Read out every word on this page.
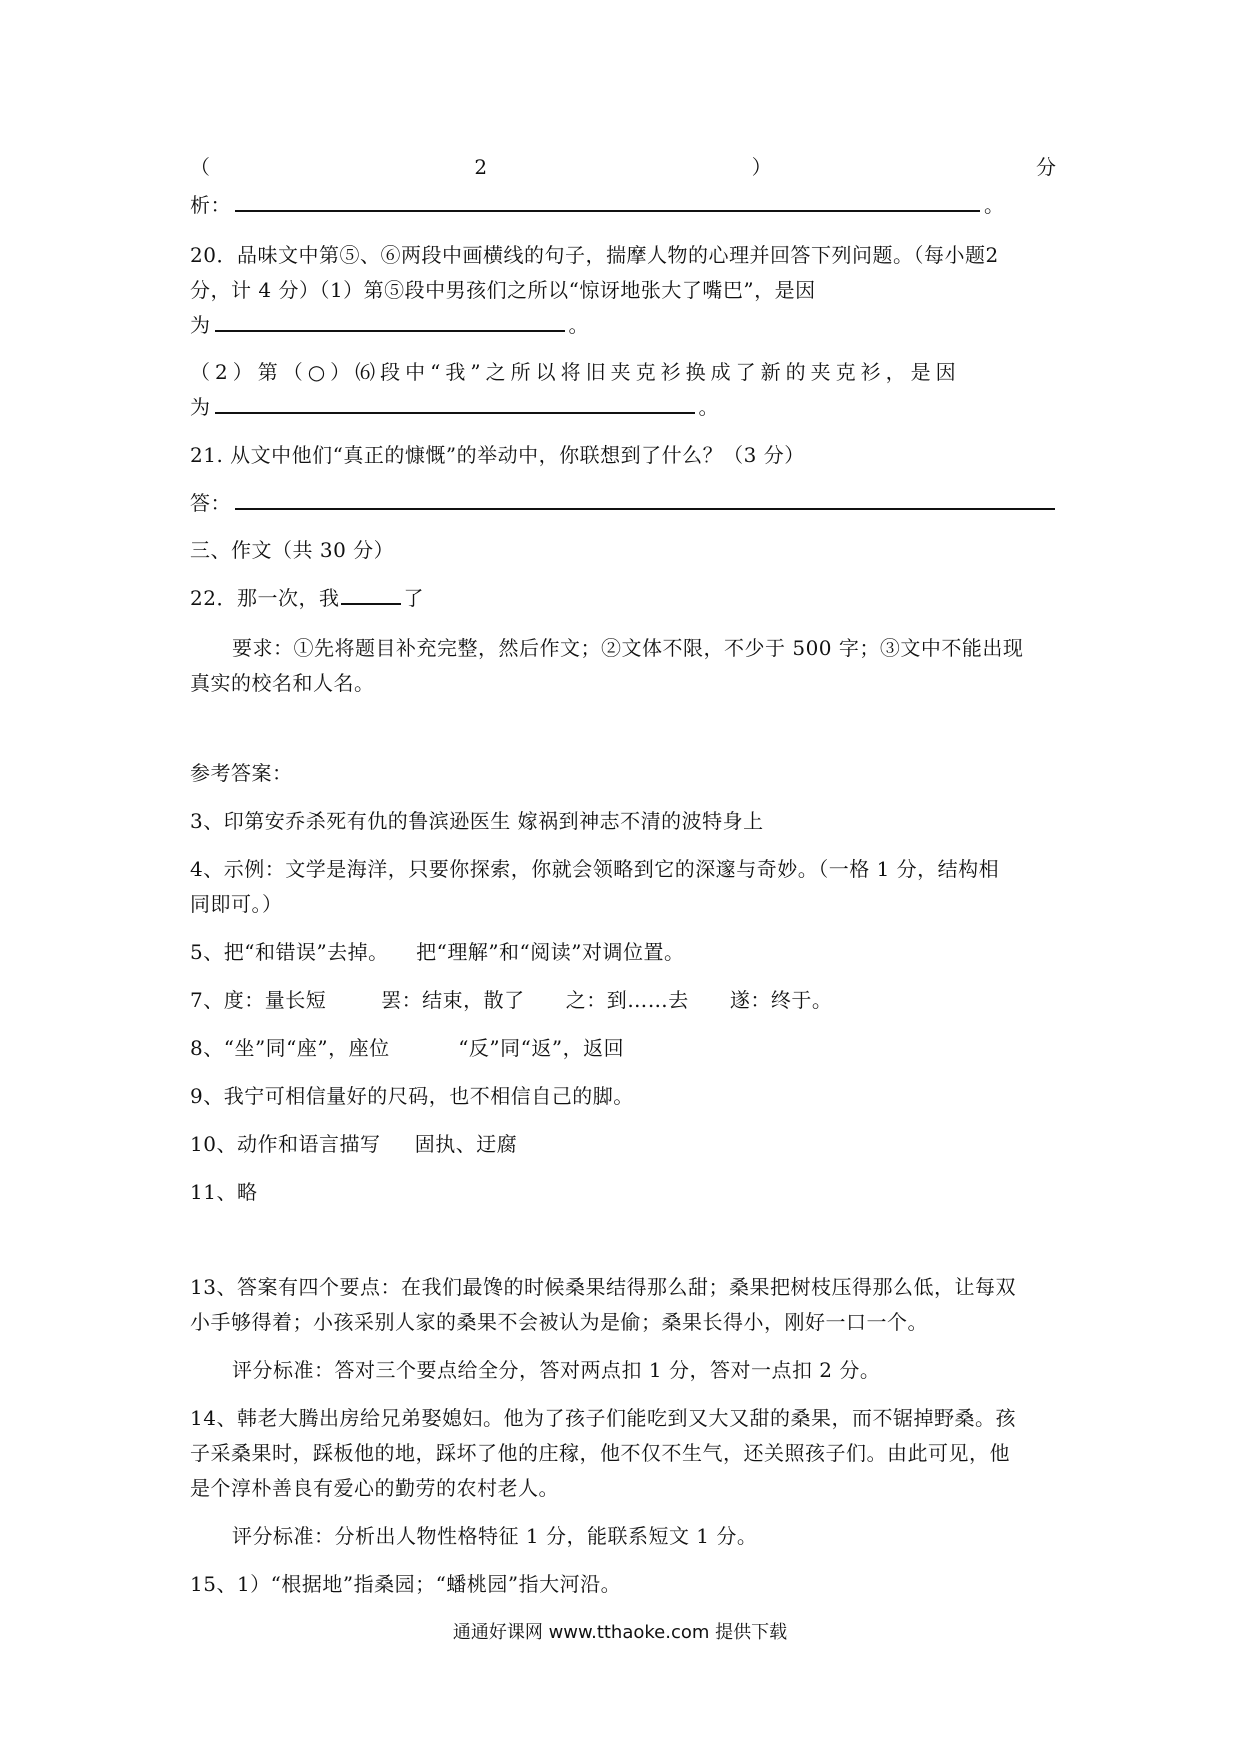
（	2	）	分
析：	。
20．品味文中第⑤、⑥两段中画横线的句子，揣摩人物的心理并回答下列问题。（每小题2
分，计 4 分）（1）第⑤段中男孩们之所以“惊讶地张大了嘴巴”，是因
为	。
（2）第（○）⑹段中“我”之所以将旧夹克衫换成了新的夹克衫，是因
为	。
21. 从文中他们“真正的慷慨”的举动中，你联想到了什么？（3 分）
答：
三、作文（共 30 分）
22．那一次，我	了
要求：①先将题目补充完整，然后作文；②文体不限，不少于 500 字；③文中不能出现
真实的校名和人名。
参考答案：
3、印第安乔杀死有仇的鲁滨逊医生 嫁祸到神志不清的波特身上
4、示例：文学是海洋，只要你探索，你就会领略到它的深邃与奇妙。（一格 1 分，结构相
同即可。）
5、把“和错误”去掉。    把“理解”和“阅读”对调位置。
7、度：量长短        罢：结束，散了      之：到……去      遂：终于。
8、“坐”同“座”，座位          “反”同“返”，返回
9、我宁可相信量好的尺码，也不相信自己的脚。
10、动作和语言描写     固执、迂腐
11、略
13、答案有四个要点：在我们最馋的时候桑果结得那么甜；桑果把树枝压得那么低，让每双
小手够得着；小孩采别人家的桑果不会被认为是偷；桑果长得小，刚好一口一个。
评分标准：答对三个要点给全分，答对两点扣 1 分，答对一点扣 2 分。
14、韩老大腾出房给兄弟娶媳妇。他为了孩子们能吃到又大又甜的桑果，而不锯掉野桑。孩
子采桑果时，踩板他的地，踩坏了他的庄稼，他不仅不生气，还关照孩子们。由此可见，他
是个淳朴善良有爱心的勤劳的农村老人。
评分标准：分析出人物性格特征 1 分，能联系短文 1 分。
15、1）“根据地”指桑园；“蟠桃园”指大河沿。
通通好课网 www.tthaoke.com 提供下载
